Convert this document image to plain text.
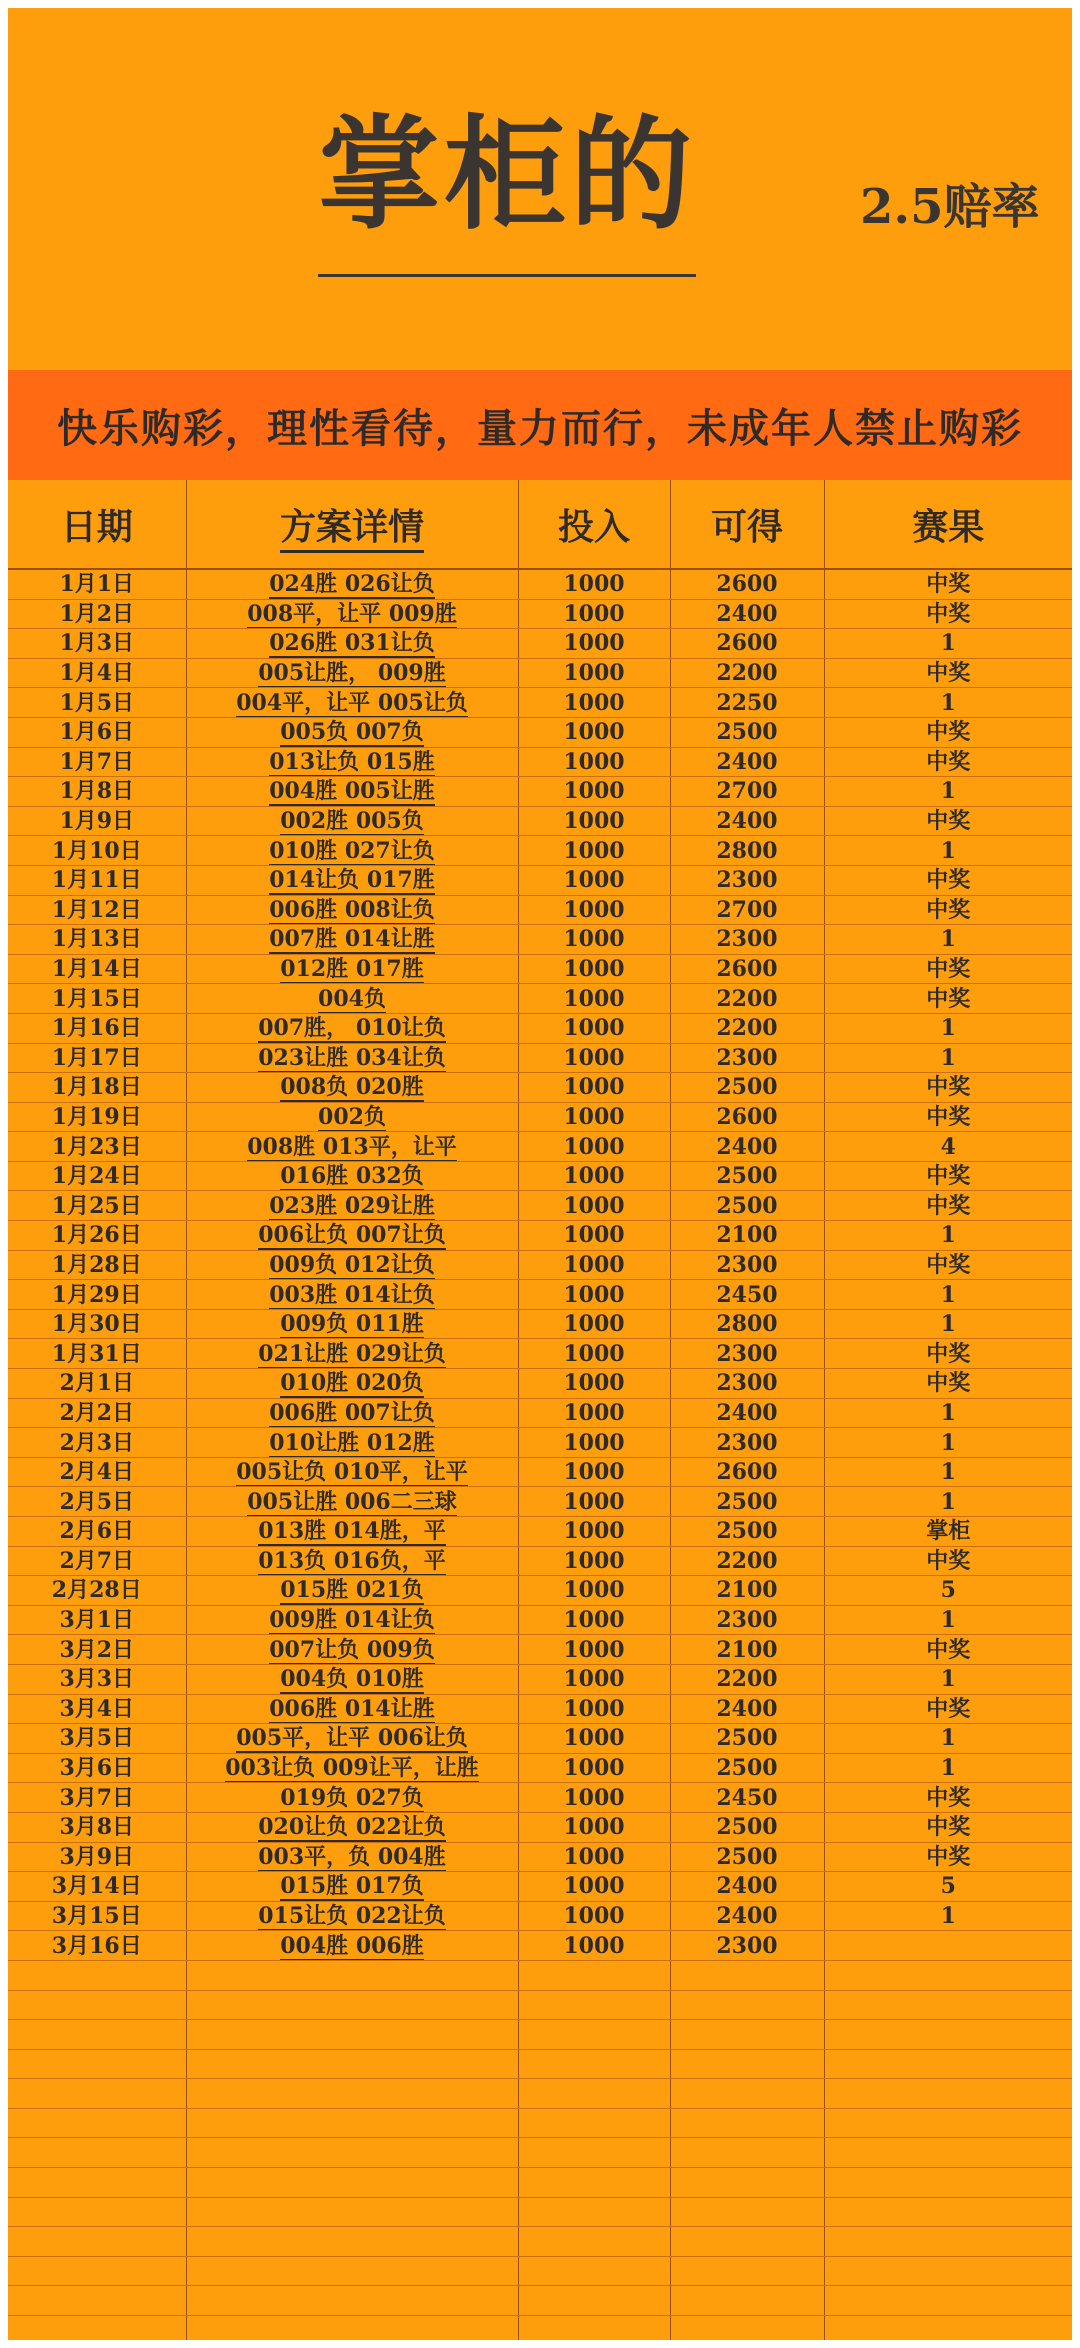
掌柜的	2.5赔率
快乐购彩，理性看待，量力而行，未成年人禁止购彩
日期	方案详情	投入	可得	赛果
1月1日	024胜 026让负	1000	2600	中奖
1月2日	008平，让平 009胜	1000	2400	中奖
1月3日	026胜 031让负	1000	2600	1
1月4日	005让胜， 009胜	1000	2200	中奖
1月5日	004平，让平 005让负	1000	2250	1
1月6日	005负 007负	1000	2500	中奖
1月7日	013让负 015胜	1000	2400	中奖
1月8日	004胜 005让胜	1000	2700	1
1月9日	002胜 005负	1000	2400	中奖
1月10日	010胜 027让负	1000	2800	1
1月11日	014让负 017胜	1000	2300	中奖
1月12日	006胜 008让负	1000	2700	中奖
1月13日	007胜 014让胜	1000	2300	1
1月14日	012胜 017胜	1000	2600	中奖
1月15日	004负	1000	2200	中奖
1月16日	007胜， 010让负	1000	2200	1
1月17日	023让胜 034让负	1000	2300	1
1月18日	008负 020胜	1000	2500	中奖
1月19日	002负	1000	2600	中奖
1月23日	008胜 013平，让平	1000	2400	4
1月24日	016胜 032负	1000	2500	中奖
1月25日	023胜 029让胜	1000	2500	中奖
1月26日	006让负 007让负	1000	2100	1
1月28日	009负 012让负	1000	2300	中奖
1月29日	003胜 014让负	1000	2450	1
1月30日	009负 011胜	1000	2800	1
1月31日	021让胜 029让负	1000	2300	中奖
2月1日	010胜 020负	1000	2300	中奖
2月2日	006胜 007让负	1000	2400	1
2月3日	010让胜 012胜	1000	2300	1
2月4日	005让负 010平，让平	1000	2600	1
2月5日	005让胜 006二三球	1000	2500	1
2月6日	013胜 014胜，平	1000	2500	掌柜
2月7日	013负 016负，平	1000	2200	中奖
2月28日	015胜 021负	1000	2100	5
3月1日	009胜 014让负	1000	2300	1
3月2日	007让负 009负	1000	2100	中奖
3月3日	004负 010胜	1000	2200	1
3月4日	006胜 014让胜	1000	2400	中奖
3月5日	005平，让平 006让负	1000	2500	1
3月6日	003让负 009让平，让胜	1000	2500	1
3月7日	019负 027负	1000	2450	中奖
3月8日	020让负 022让负	1000	2500	中奖
3月9日	003平，负 004胜	1000	2500	中奖
3月14日	015胜 017负	1000	2400	5
3月15日	015让负 022让负	1000	2400	1
3月16日	004胜 006胜	1000	2300	
